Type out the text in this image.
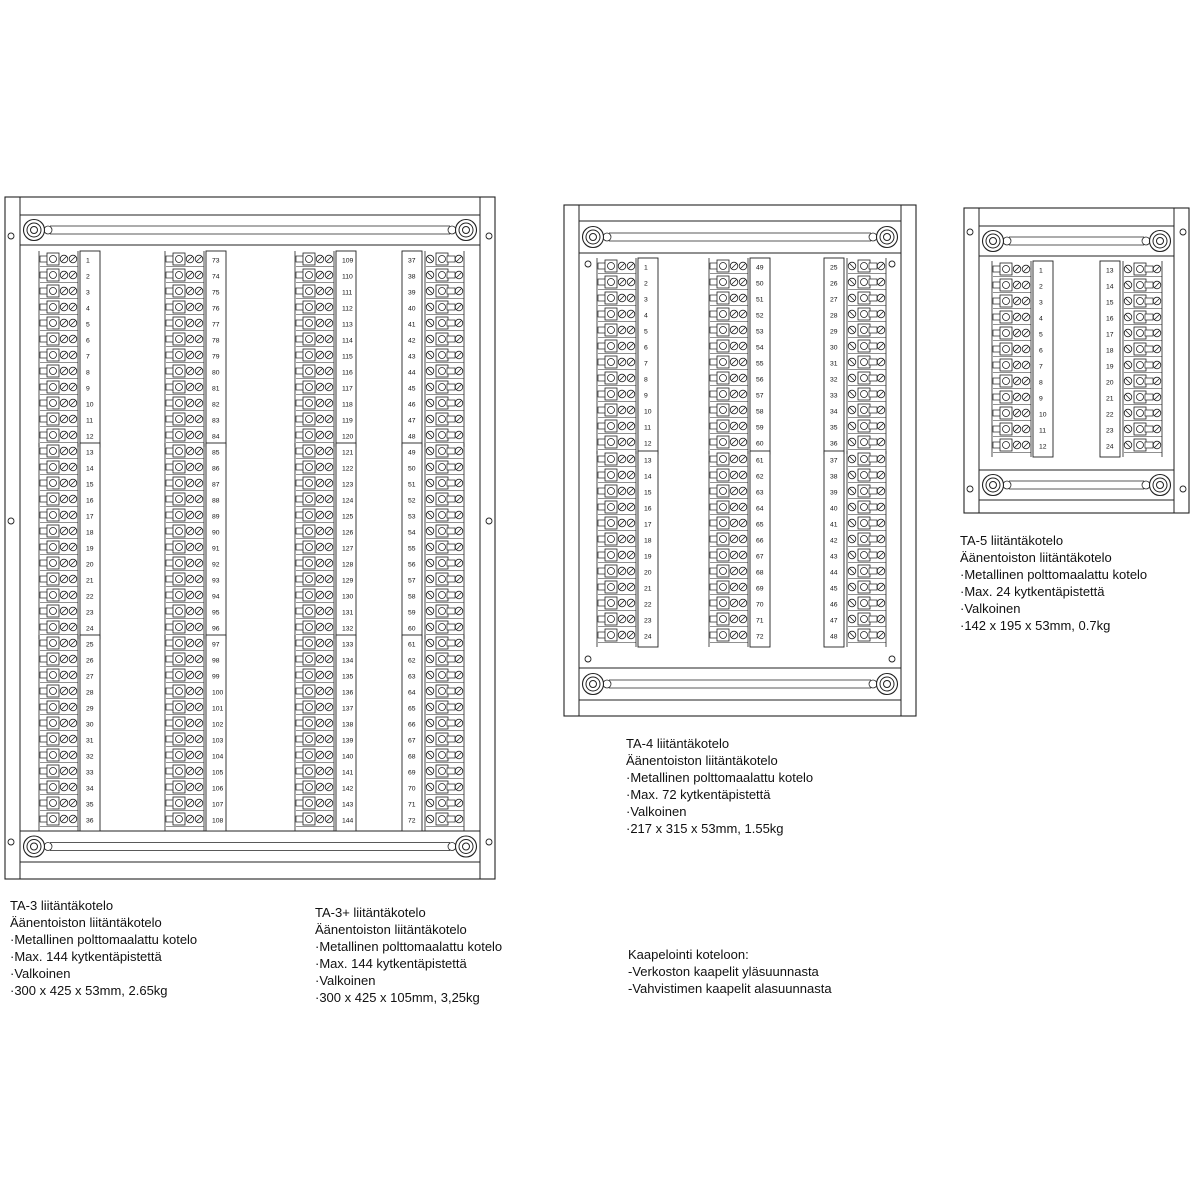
1
2
3
4
5
6
7
8
9
10
11
12
13
14
15
16
17
18
19
20
21
22
23
24
25
26
27
28
29
30
31
32
33
34
35
36
73
74
75
76
77
78
79
80
81
82
83
84
85
86
87
88
89
90
91
92
93
94
95
96
97
98
99
100
101
102
103
104
105
106
107
108
109
110
111
112
113
114
115
116
117
118
119
120
121
122
123
124
125
126
127
128
129
130
131
132
133
134
135
136
137
138
139
140
141
142
143
144
37
38
39
40
41
42
43
44
45
46
47
48
49
50
51
52
53
54
55
56
57
58
59
60
61
62
63
64
65
66
67
68
69
70
71
72
1
2
3
4
5
6
7
8
9
10
11
12
13
14
15
16
17
18
19
20
21
22
23
24
49
50
51
52
53
54
55
56
57
58
59
60
61
62
63
64
65
66
67
68
69
70
71
72
25
26
27
28
29
30
31
32
33
34
35
36
37
38
39
40
41
42
43
44
45
46
47
48
1
2
3
4
5
6
7
8
9
10
11
12
13
14
15
16
17
18
19
20
21
22
23
24
TA-3 liitäntäkotelo
Äänentoiston liitäntäkotelo
·Metallinen polttomaalattu kotelo
·Max. 144 kytkentäpistettä
·Valkoinen
·300 x 425 x 53mm, 2.65kg
TA-3+ liitäntäkotelo
Äänentoiston liitäntäkotelo
·Metallinen polttomaalattu kotelo
·Max. 144 kytkentäpistettä
·Valkoinen
·300 x 425 x 105mm, 3,25kg
TA-4 liitäntäkotelo
Äänentoiston liitäntäkotelo
·Metallinen polttomaalattu kotelo
·Max. 72 kytkentäpistettä
·Valkoinen
·217 x 315 x 53mm, 1.55kg
TA-5 liitäntäkotelo
Äänentoiston liitäntäkotelo
·Metallinen polttomaalattu kotelo
·Max. 24 kytkentäpistettä
·Valkoinen
·142 x 195 x 53mm, 0.7kg
Kaapelointi koteloon:
-Verkoston kaapelit yläsuunnasta
-Vahvistimen kaapelit alasuunnasta
